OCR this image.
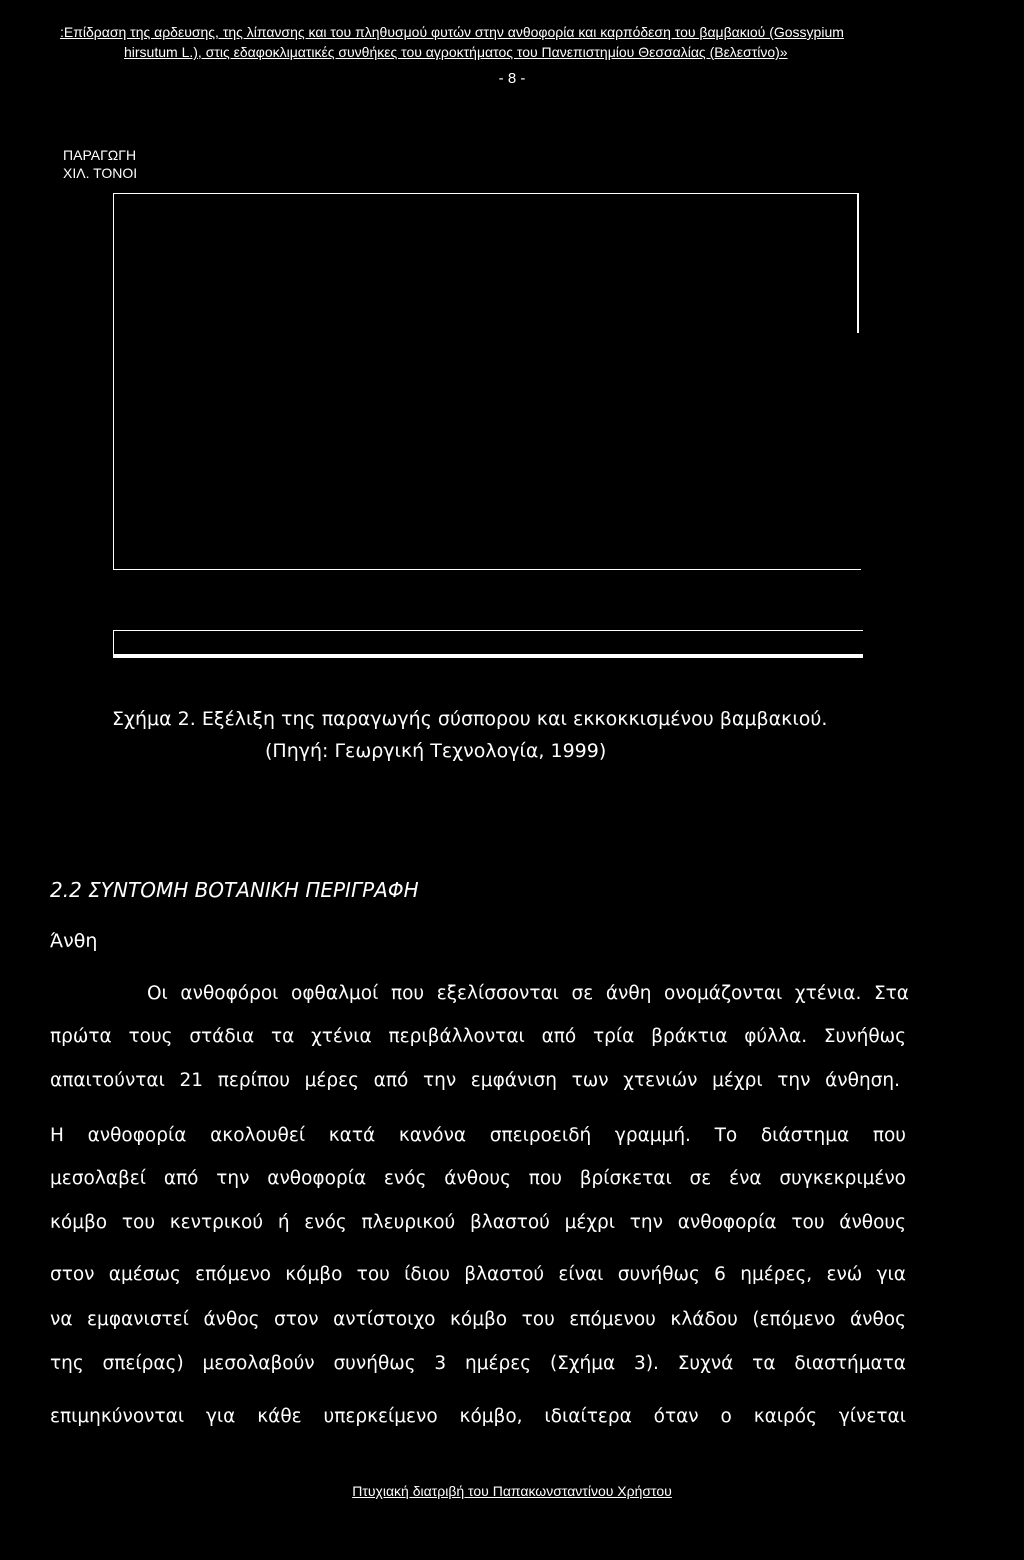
:Επίδραση της αρδευσης, της λίπανσης και του πληθυσμού φυτών στην ανθοφορία και καρπόδεση του βαμβακιού (Gossypium
hirsutum L.), στις εδαφοκλιματικές συνθήκες του αγροκτήματος του Πανεπιστημίου Θεσσαλίας (Βελεστίνο)»
- 8 -
ΠΑΡΑΓΩΓΗ
ΧΙΛ. ΤΟΝΟΙ
Σχήμα 2. Εξέλιξη της παραγωγής σύσπορου και εκκοκκισμένου βαμβακιού.
(Πηγή: Γεωργική Τεχνολογία, 1999)
2.2 ΣΥΝΤΟΜΗ ΒΟΤΑΝΙΚΗ ΠΕΡΙΓΡΑΦΗ
Άνθη
Οι ανθοφόροι οφθαλμοί που εξελίσσονται σε άνθη ονομάζονται χτένια. Στα
πρώτα τους στάδια τα χτένια περιβάλλονται από τρία βράκτια φύλλα. Συνήθως
απαιτούνται 21 περίπου μέρες από την εμφάνιση των χτενιών μέχρι την άνθηση.
Η ανθοφορία ακολουθεί κατά κανόνα σπειροειδή γραμμή. Το διάστημα που
μεσολαβεί από την ανθοφορία ενός άνθους που βρίσκεται σε ένα συγκεκριμένο
κόμβο του κεντρικού ή ενός πλευρικού βλαστού μέχρι την ανθοφορία του άνθους
στον αμέσως επόμενο κόμβο του ίδιου βλαστού είναι συνήθως 6 ημέρες, ενώ για
να εμφανιστεί άνθος στον αντίστοιχο κόμβο του επόμενου κλάδου (επόμενο άνθος
της σπείρας) μεσολαβούν συνήθως 3 ημέρες (Σχήμα 3). Συχνά τα διαστήματα
επιμηκύνονται για κάθε υπερκείμενο κόμβο, ιδιαίτερα όταν ο καιρός γίνεται
Πτυχιακή διατριβή του Παπακωνσταντίνου Χρήστου
